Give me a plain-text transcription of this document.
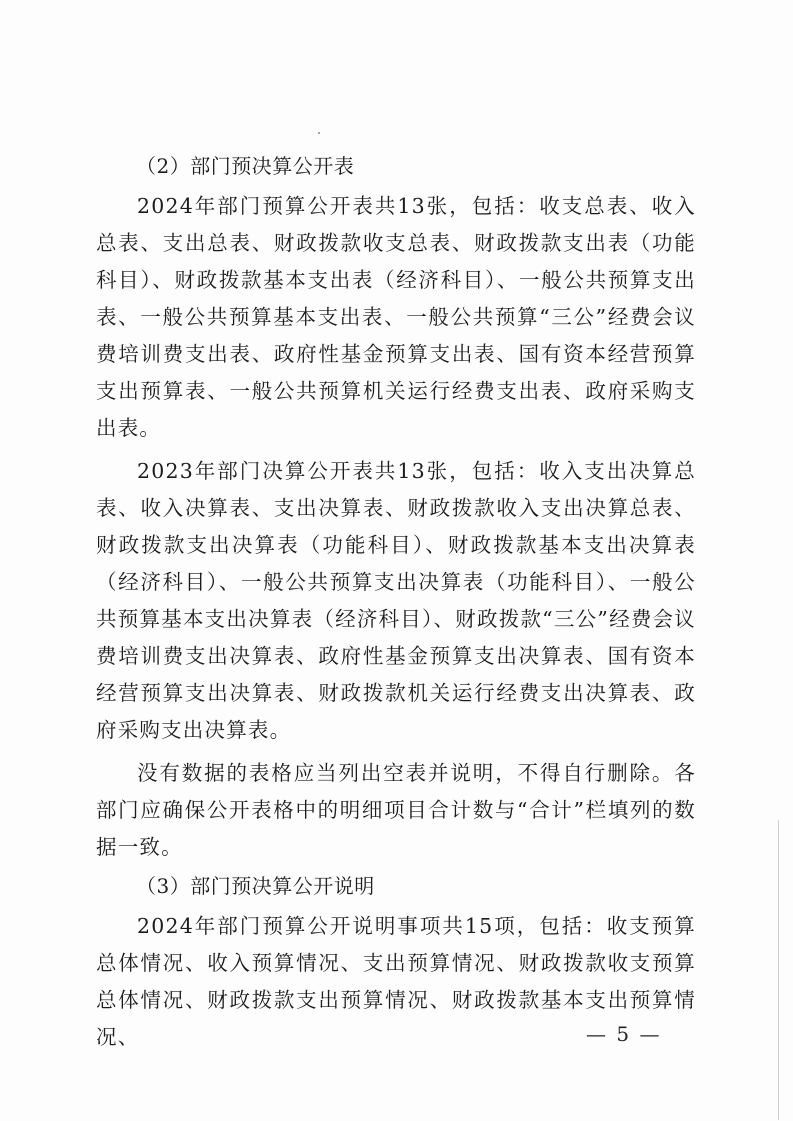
（2）部门预决算公开表

2024年部门预算公开表共13张，包括：收支总表、收入总表、支出总表、财政拨款收支总表、财政拨款支出表（功能科目）、财政拨款基本支出表（经济科目）、一般公共预算支出表、一般公共预算基本支出表、一般公共预算“三公”经费会议费培训费支出表、政府性基金预算支出表、国有资本经营预算支出预算表、一般公共预算机关运行经费支出表、政府采购支出表。

2023年部门决算公开表共13张，包括：收入支出决算总表、收入决算表、支出决算表、财政拨款收入支出决算总表、财政拨款支出决算表（功能科目）、财政拨款基本支出决算表（经济科目）、一般公共预算支出决算表（功能科目）、一般公共预算基本支出决算表（经济科目）、财政拨款“三公”经费会议费培训费支出决算表、政府性基金预算支出决算表、国有资本经营预算支出决算表、财政拨款机关运行经费支出决算表、政府采购支出决算表。

没有数据的表格应当列出空表并说明，不得自行删除。各部门应确保公开表格中的明细项目合计数与“合计”栏填列的数据一致。

（3）部门预决算公开说明

2024年部门预算公开说明事项共15项，包括：收支预算总体情况、收入预算情况、支出预算情况、财政拨款收支预算总体情况、财政拨款支出预算情况、财政拨款基本支出预算情况、	— 5 —
